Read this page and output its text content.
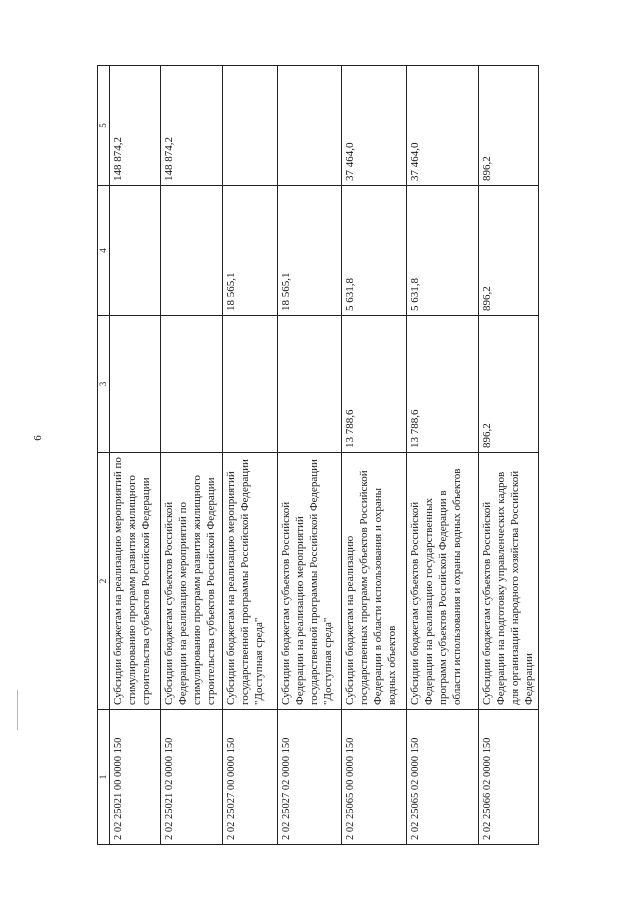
6
1	2	3	4	5
2 02 25021 00 0000 150	Субсидии бюджетам на реализацию мероприятий по стимулированию программ развития жилищного строительства субъектов Российской Федерации			148 874,2
2 02 25021 02 0000 150	Субсидии бюджетам субъектов Российской Федерации на реализацию мероприятий по стимулированию программ развития жилищного строительства субъектов Российской Федерации			148 874,2
2 02 25027 00 0000 150	Субсидии бюджетам на реализацию мероприятий государственной программы Российской Федерации "Доступная среда"		18 565,1	
2 02 25027 02 0000 150	Субсидии бюджетам субъектов Российской Федерации на реализацию мероприятий государственной программы Российской Федерации "Доступная среда"		18 565,1	
2 02 25065 00 0000 150	Субсидии бюджетам на реализацию государственных программ субъектов Российской Федерации в области использования и охраны водных объектов	13 788,6	5 631,8	37 464,0
2 02 25065 02 0000 150	Субсидии бюджетам субъектов Российской Федерации на реализацию государственных программ субъектов Российской Федерации в области использования и охраны водных объектов	13 788,6	5 631,8	37 464,0
2 02 25066 02 0000 150	Субсидии бюджетам субъектов Российской Федерации на подготовку управленческих кадров для организаций народного хозяйства Российской Федерации	896,2	896,2	896,2
